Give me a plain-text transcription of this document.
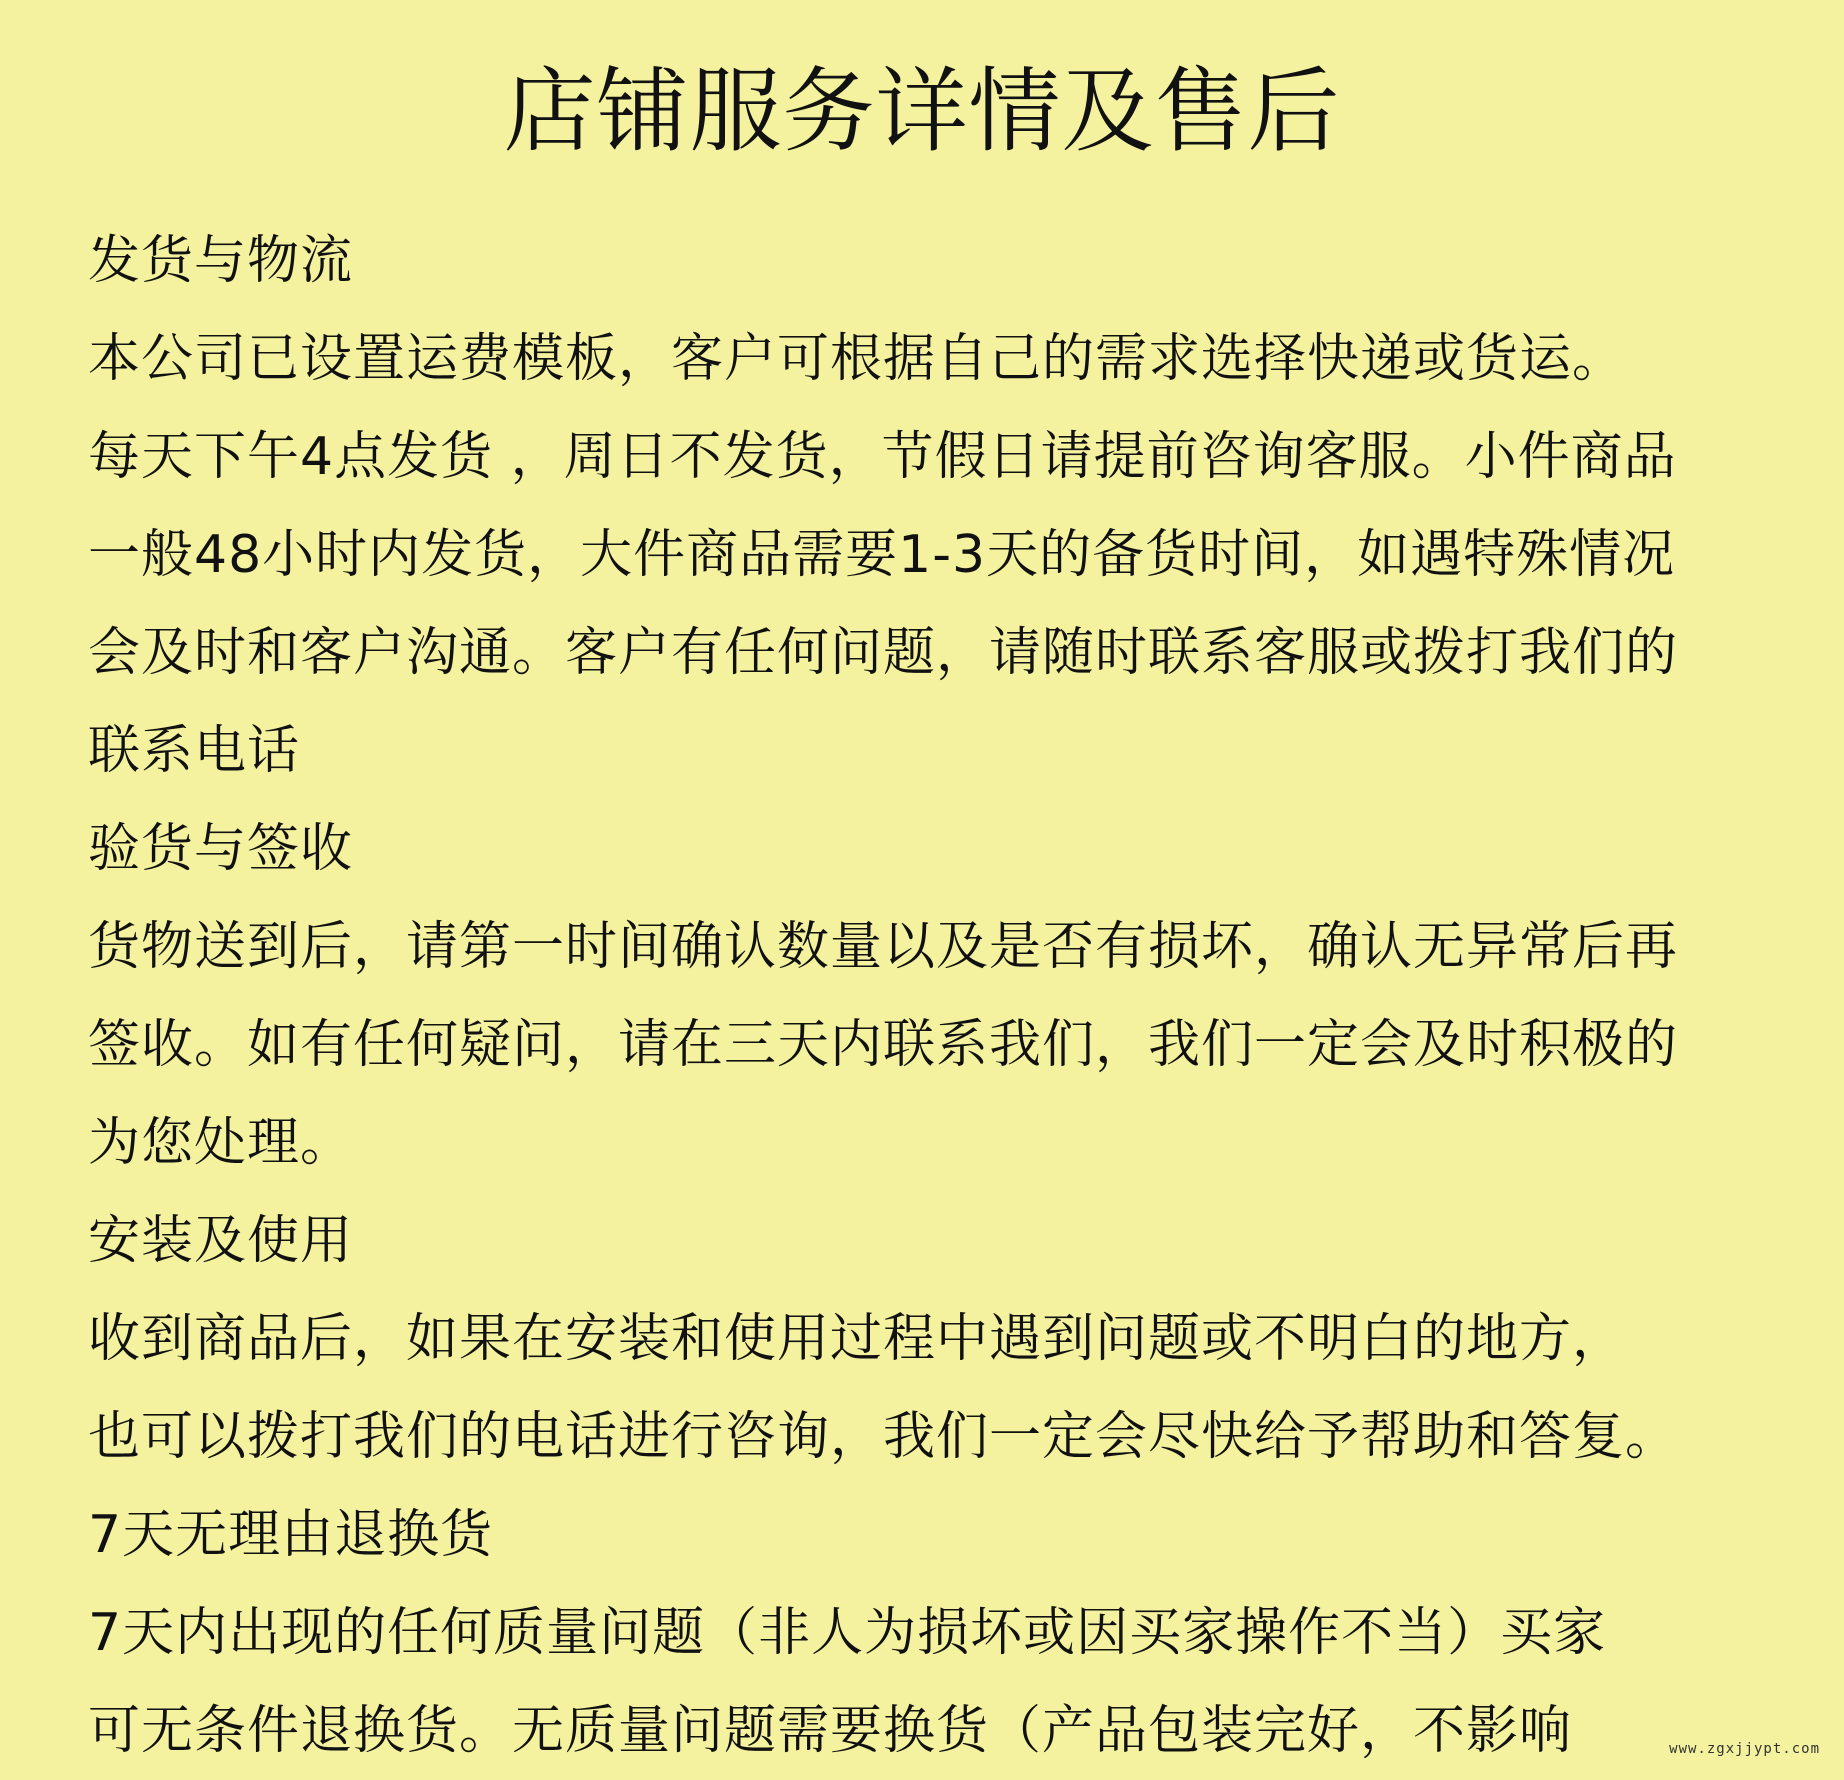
店铺服务详情及售后
发货与物流
本公司已设置运费模板，客户可根据自己的需求选择快递或货运。
每天下午4点发货 ，周日不发货，节假日请提前咨询客服。小件商品
一般48小时内发货，大件商品需要1-3天的备货时间，如遇特殊情况
会及时和客户沟通。客户有任何问题，请随时联系客服或拨打我们的
联系电话
验货与签收
货物送到后，请第一时间确认数量以及是否有损坏，确认无异常后再
签收。如有任何疑问，请在三天内联系我们，我们一定会及时积极的
为您处理。
安装及使用
收到商品后，如果在安装和使用过程中遇到问题或不明白的地方，
也可以拨打我们的电话进行咨询，我们一定会尽快给予帮助和答复。
7天无理由退换货
7天内出现的任何质量问题（非人为损坏或因买家操作不当）买家
可无条件退换货。无质量问题需要换货（产品包装完好，不影响	www.zgxjjypt.com
